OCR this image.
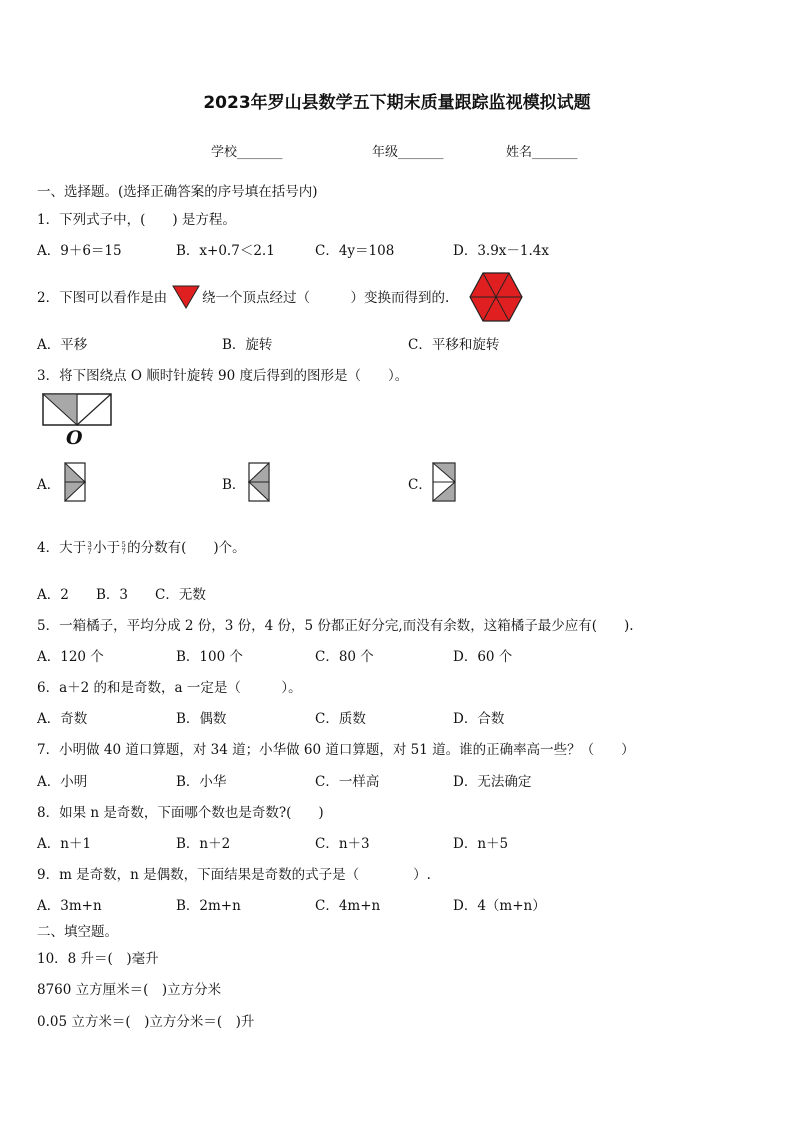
2023年罗山县数学五下期末质量跟踪监视模拟试题
学校_______	年级_______	姓名_______
一、选择题。(选择正确答案的序号填在括号内)
1．下列式子中，(　　) 是方程。
A．9＋6＝15	B．x+0.7＜2.1	C．4y＝108	D．3.9x－1.4x
2．下图可以看作是由	绕一个顶点经过（　　　）变换而得到的.
A．平移	B．旋转	C．平移和旋转
3．将下图绕点 O 顺时针旋转 90 度后得到的图形是（　　）。
O
A．	B．	C．
4．大于3
7小于5
7的分数有(　　)个。
A．2 B．3 C．无数
5．一箱橘子，平均分成 2 份，3 份，4 份，5 份都正好分完,而没有余数，这箱橘子最少应有(　　).
A．120 个	B．100 个	C．80 个	D．60 个
6．a＋2 的和是奇数，a 一定是（　　　）。
A．奇数	B．偶数	C．质数	D．合数
7．小明做 40 道口算题，对 34 道；小华做 60 道口算题，对 51 道。谁的正确率高一些？（　　）
A．小明	B．小华	C．一样高	D．无法确定
8．如果 n 是奇数，下面哪个数也是奇数?(　　)
A．n＋1	B．n＋2	C．n＋3	D．n＋5
9．m 是奇数，n 是偶数，下面结果是奇数的式子是（　　　　）.
A．3m+n	B．2m+n	C．4m+n	D．4（m+n）
二、填空题。
10．8 升＝(　)毫升
8760 立方厘米＝(　)立方分米
0.05 立方米＝(　)立方分米＝(　)升
